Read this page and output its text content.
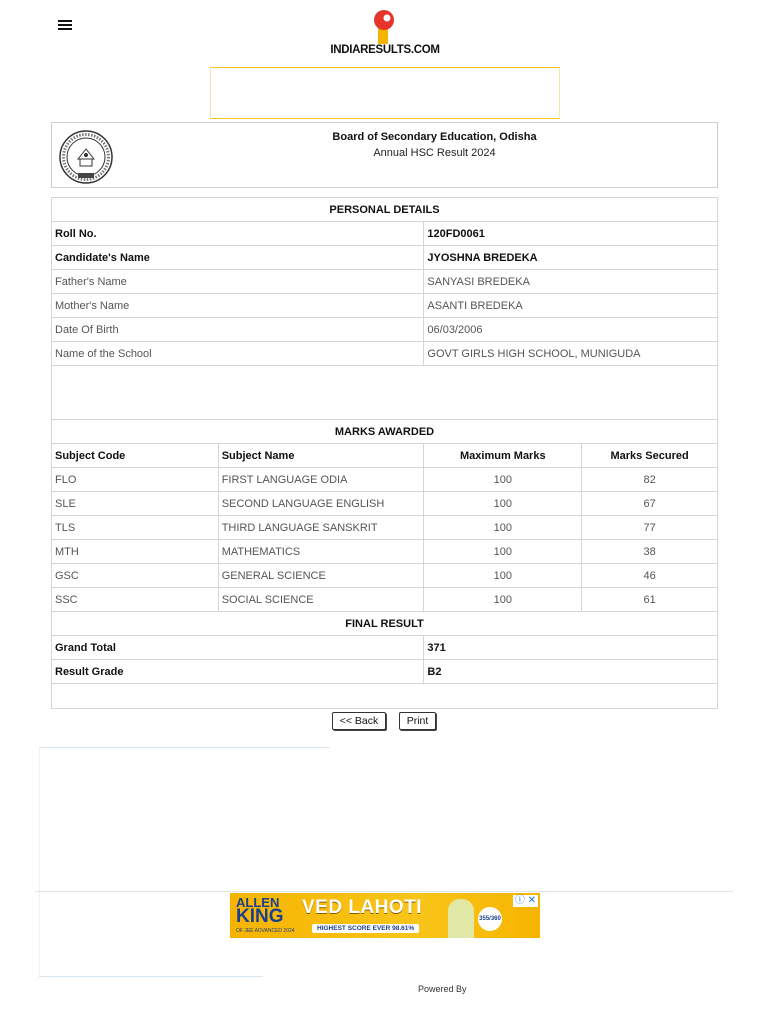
INDIARESULTS.COM
Board of Secondary Education, Odisha
Annual HSC Result 2024
PERSONAL DETAILS			
Roll No.		120FD0061	
Candidate's Name		JYOSHNA BREDEKA	
Father's Name		SANYASI BREDEKA	
Mother's Name		ASANTI BREDEKA	
Date Of Birth		06/03/2006	
Name of the School		GOVT GIRLS HIGH SCHOOL, MUNIGUDA	

MARKS AWARDED			
Subject Code	Subject Name	Maximum Marks	Marks Secured
FLO	FIRST LANGUAGE ODIA	100	82
SLE	SECOND LANGUAGE ENGLISH	100	67
TLS	THIRD LANGUAGE SANSKRIT	100	77
MTH	MATHEMATICS	100	38
GSC	GENERAL SCIENCE	100	46
SSC	SOCIAL SCIENCE	100	61
FINAL RESULT			
Grand Total		371	
Result Grade		B2	

<< Back	Print
ALLEN
KING
OF JEE ADVANCED 2024
VED LAHOTI
HIGHEST SCORE EVER 98.61%
355/360
ⓘ ✕
Powered By
